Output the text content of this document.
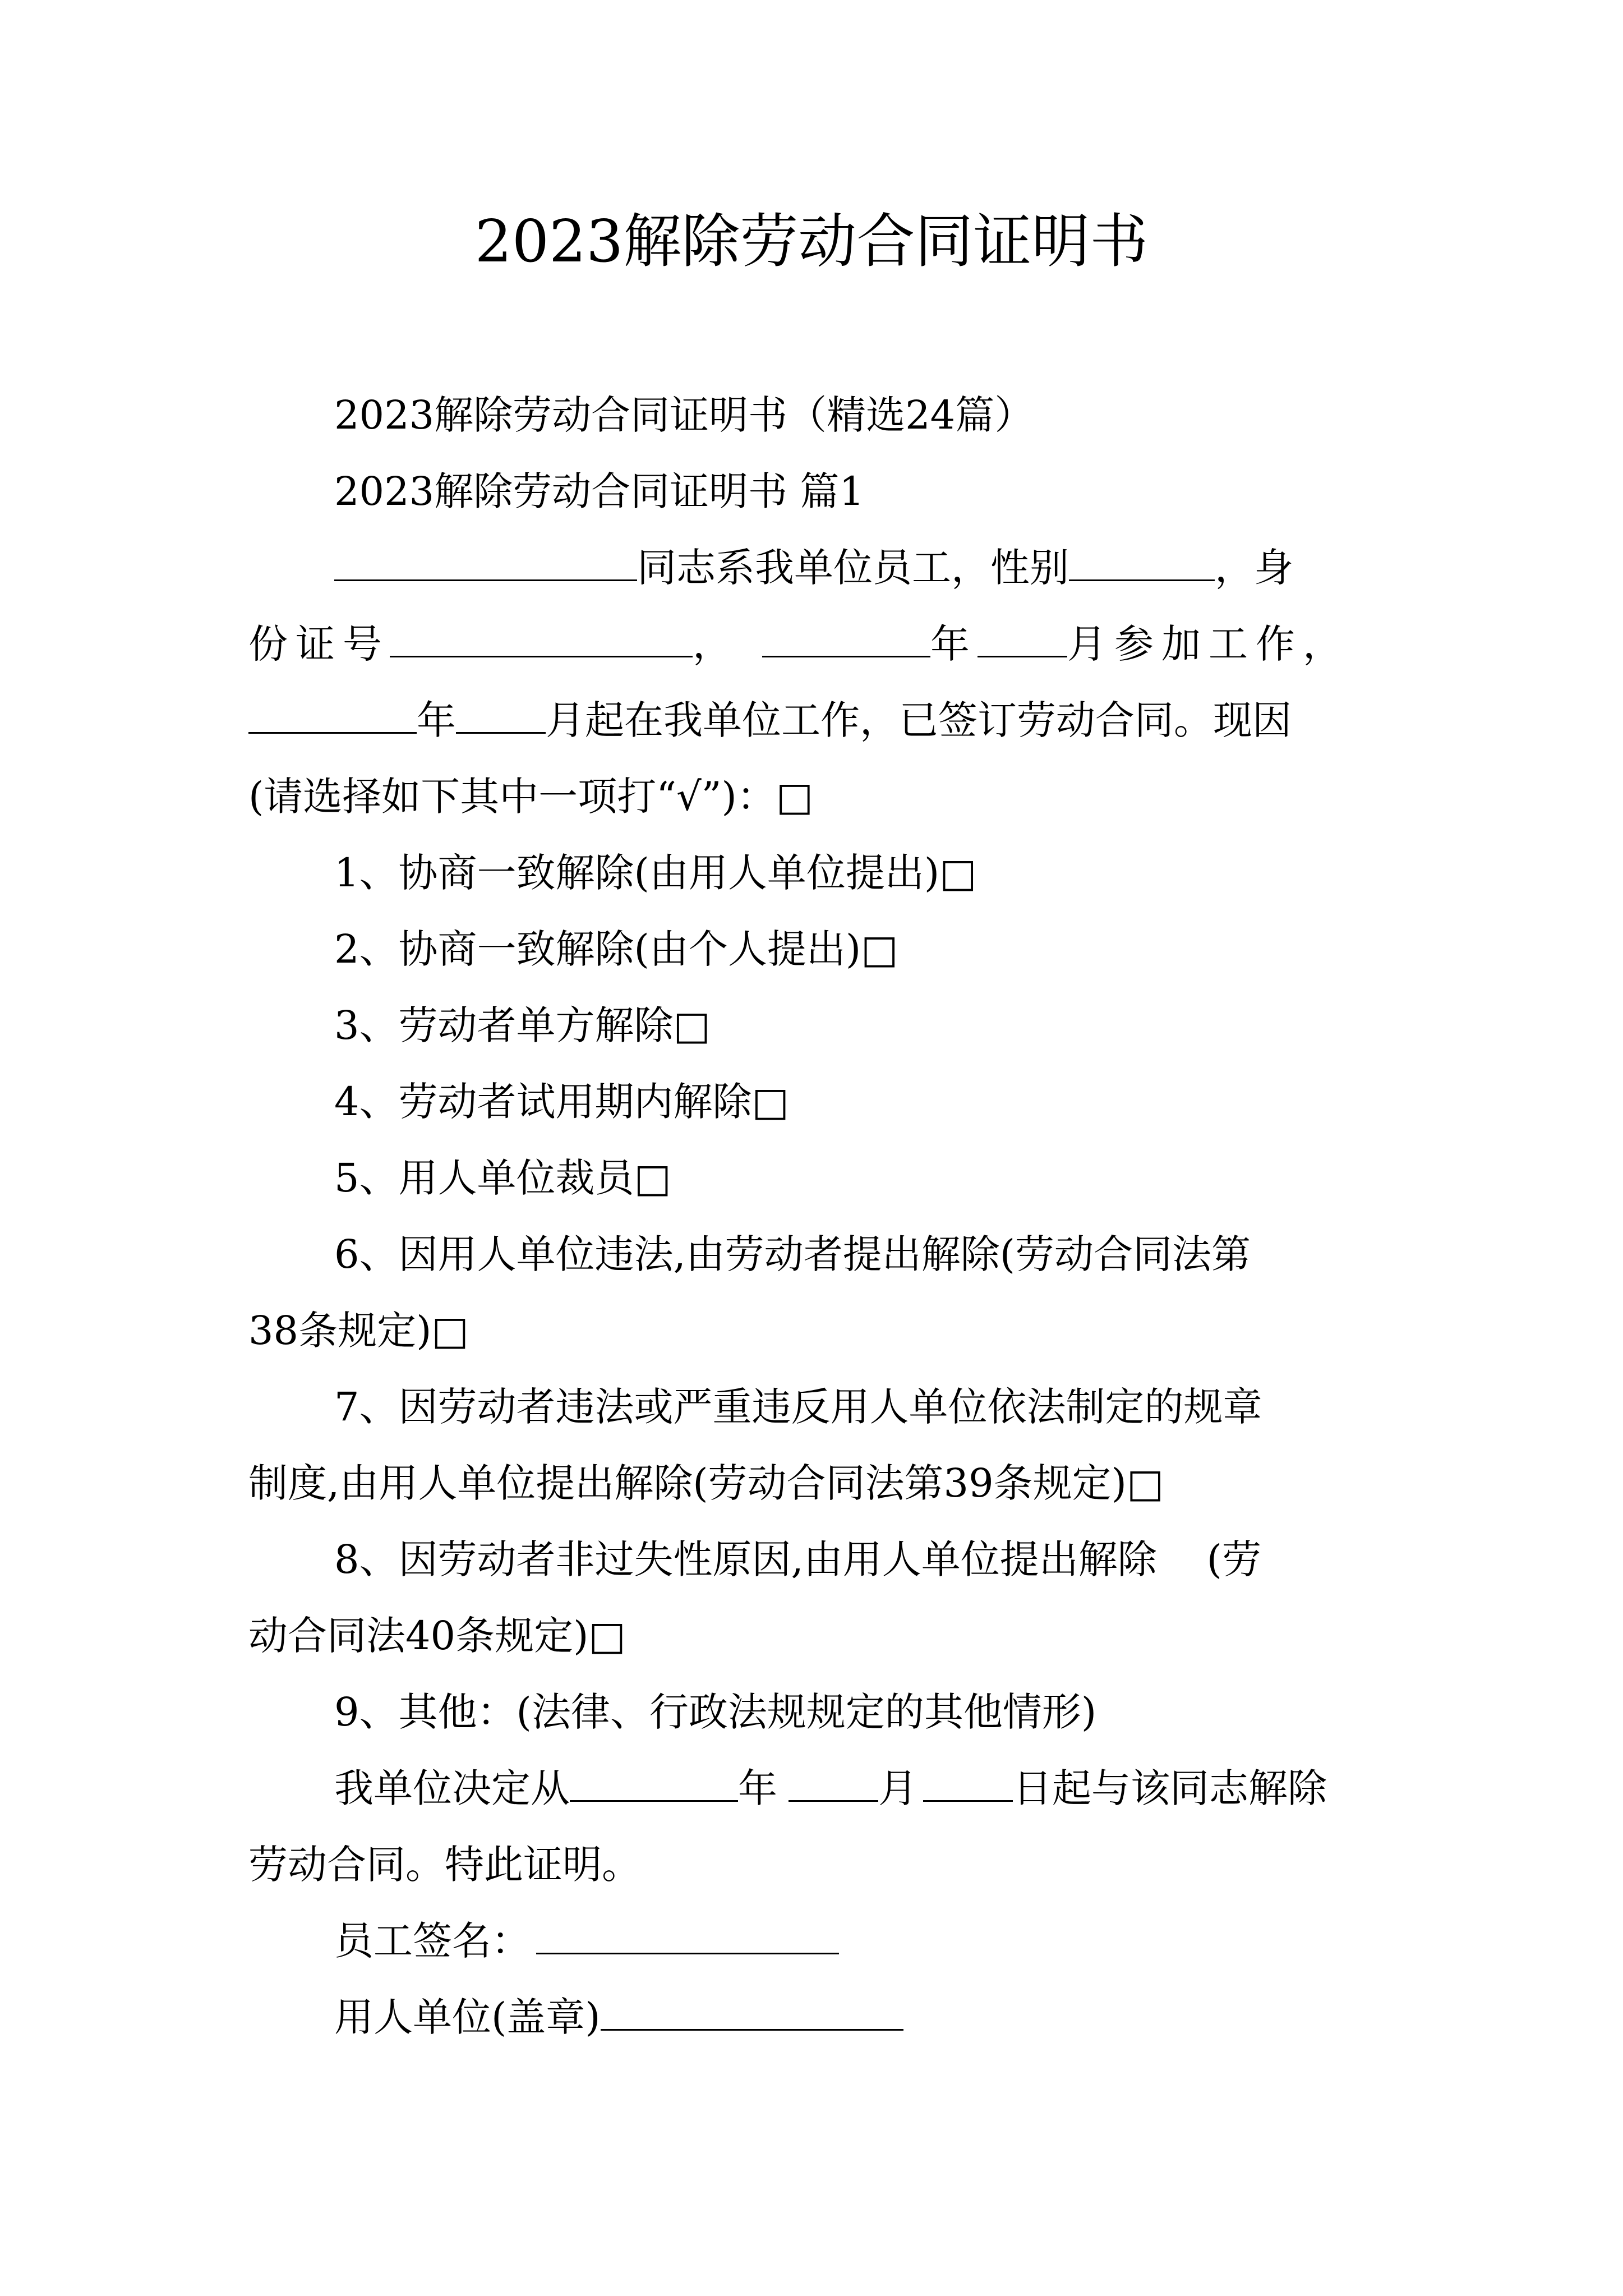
2023解除劳动合同证明书
2023解除劳动合同证明书（精选24篇）
2023解除劳动合同证明书 篇1
同志系我单位员工，性别	，身
份证号	，	年 月参加工作，
年 月起在我单位工作，已签订劳动合同。现因
(请选择如下其中一项打“√”)：□
1、协商一致解除(由用人单位提出)□
2、协商一致解除(由个人提出)□
3、劳动者单方解除□
4、劳动者试用期内解除□
5、用人单位裁员□
6、因用人单位违法,由劳动者提出解除(劳动合同法第
38条规定)□
7、因劳动者违法或严重违反用人单位依法制定的规章
制度,由用人单位提出解除(劳动合同法第39条规定)□
8、因劳动者非过失性原因,由用人单位提出解除    (劳
动合同法40条规定)□
9、其他：(法律、行政法规规定的其他情形)
我单位决定从	年	月 日起与该同志解除
劳动合同。特此证明。
员工签名：
用人单位(盖章)
